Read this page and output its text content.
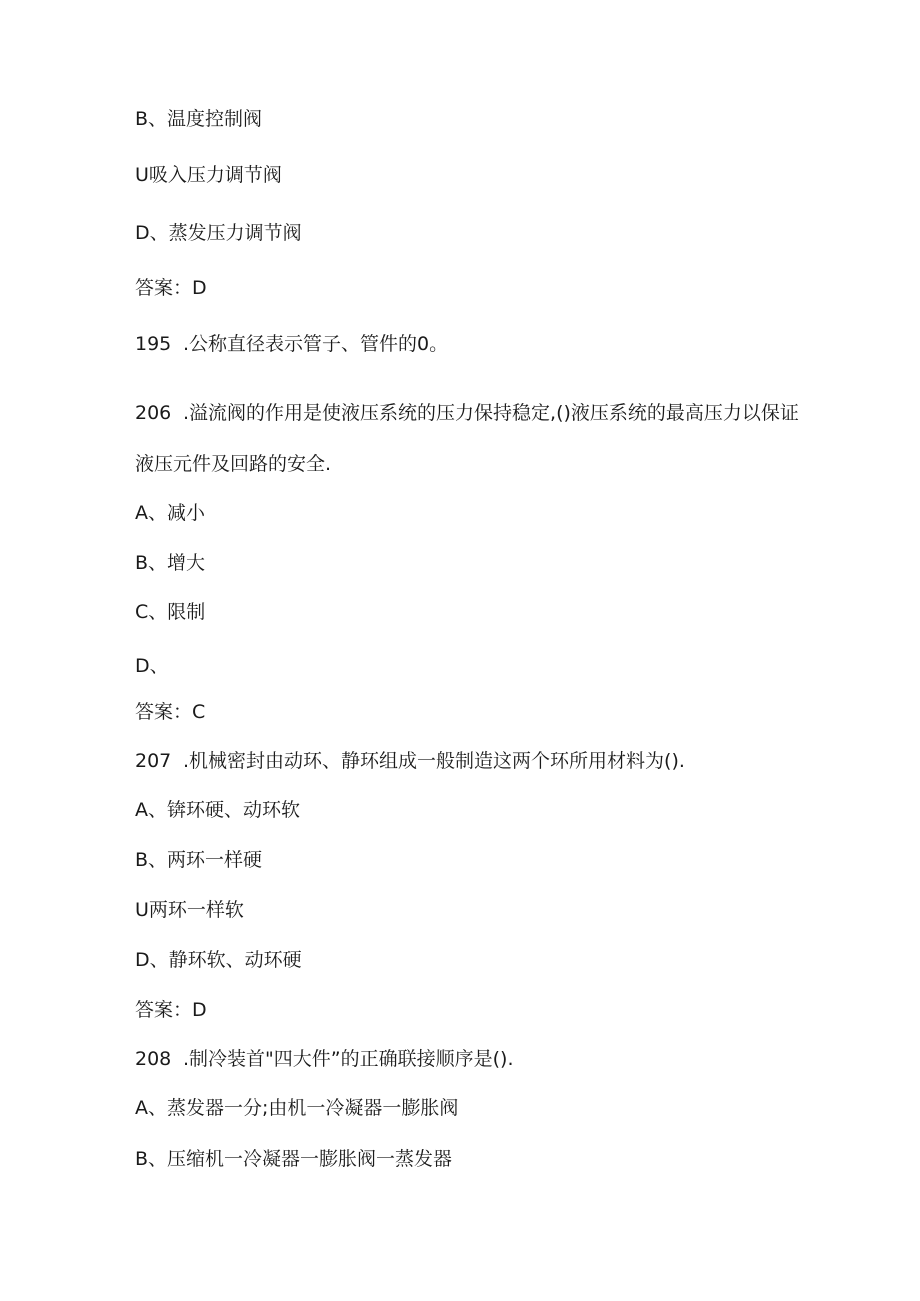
B、温度控制阀
U吸入压力调节阀
D、蒸发压力调节阀
答案：D
195 .公称直径表示管子、管件的0。
206 .溢流阀的作用是使液压系统的压力保持稳定,()液压系统的最高压力以保证
液压元件及回路的安全.
A、减小
B、增大
C、限制
D、
答案：C
207 .机械密封由动环、静环组成一般制造这两个环所用材料为().
A、锛环硬、动环软
B、两环一样硬
U两环一样软
D、静环软、动环硬
答案：D
208 .制冷装首"四大件”的正确联接顺序是().
A、蒸发器一分;由机一冷凝器一膨胀阀
B、压缩机一冷凝器一膨胀阀一蒸发器
